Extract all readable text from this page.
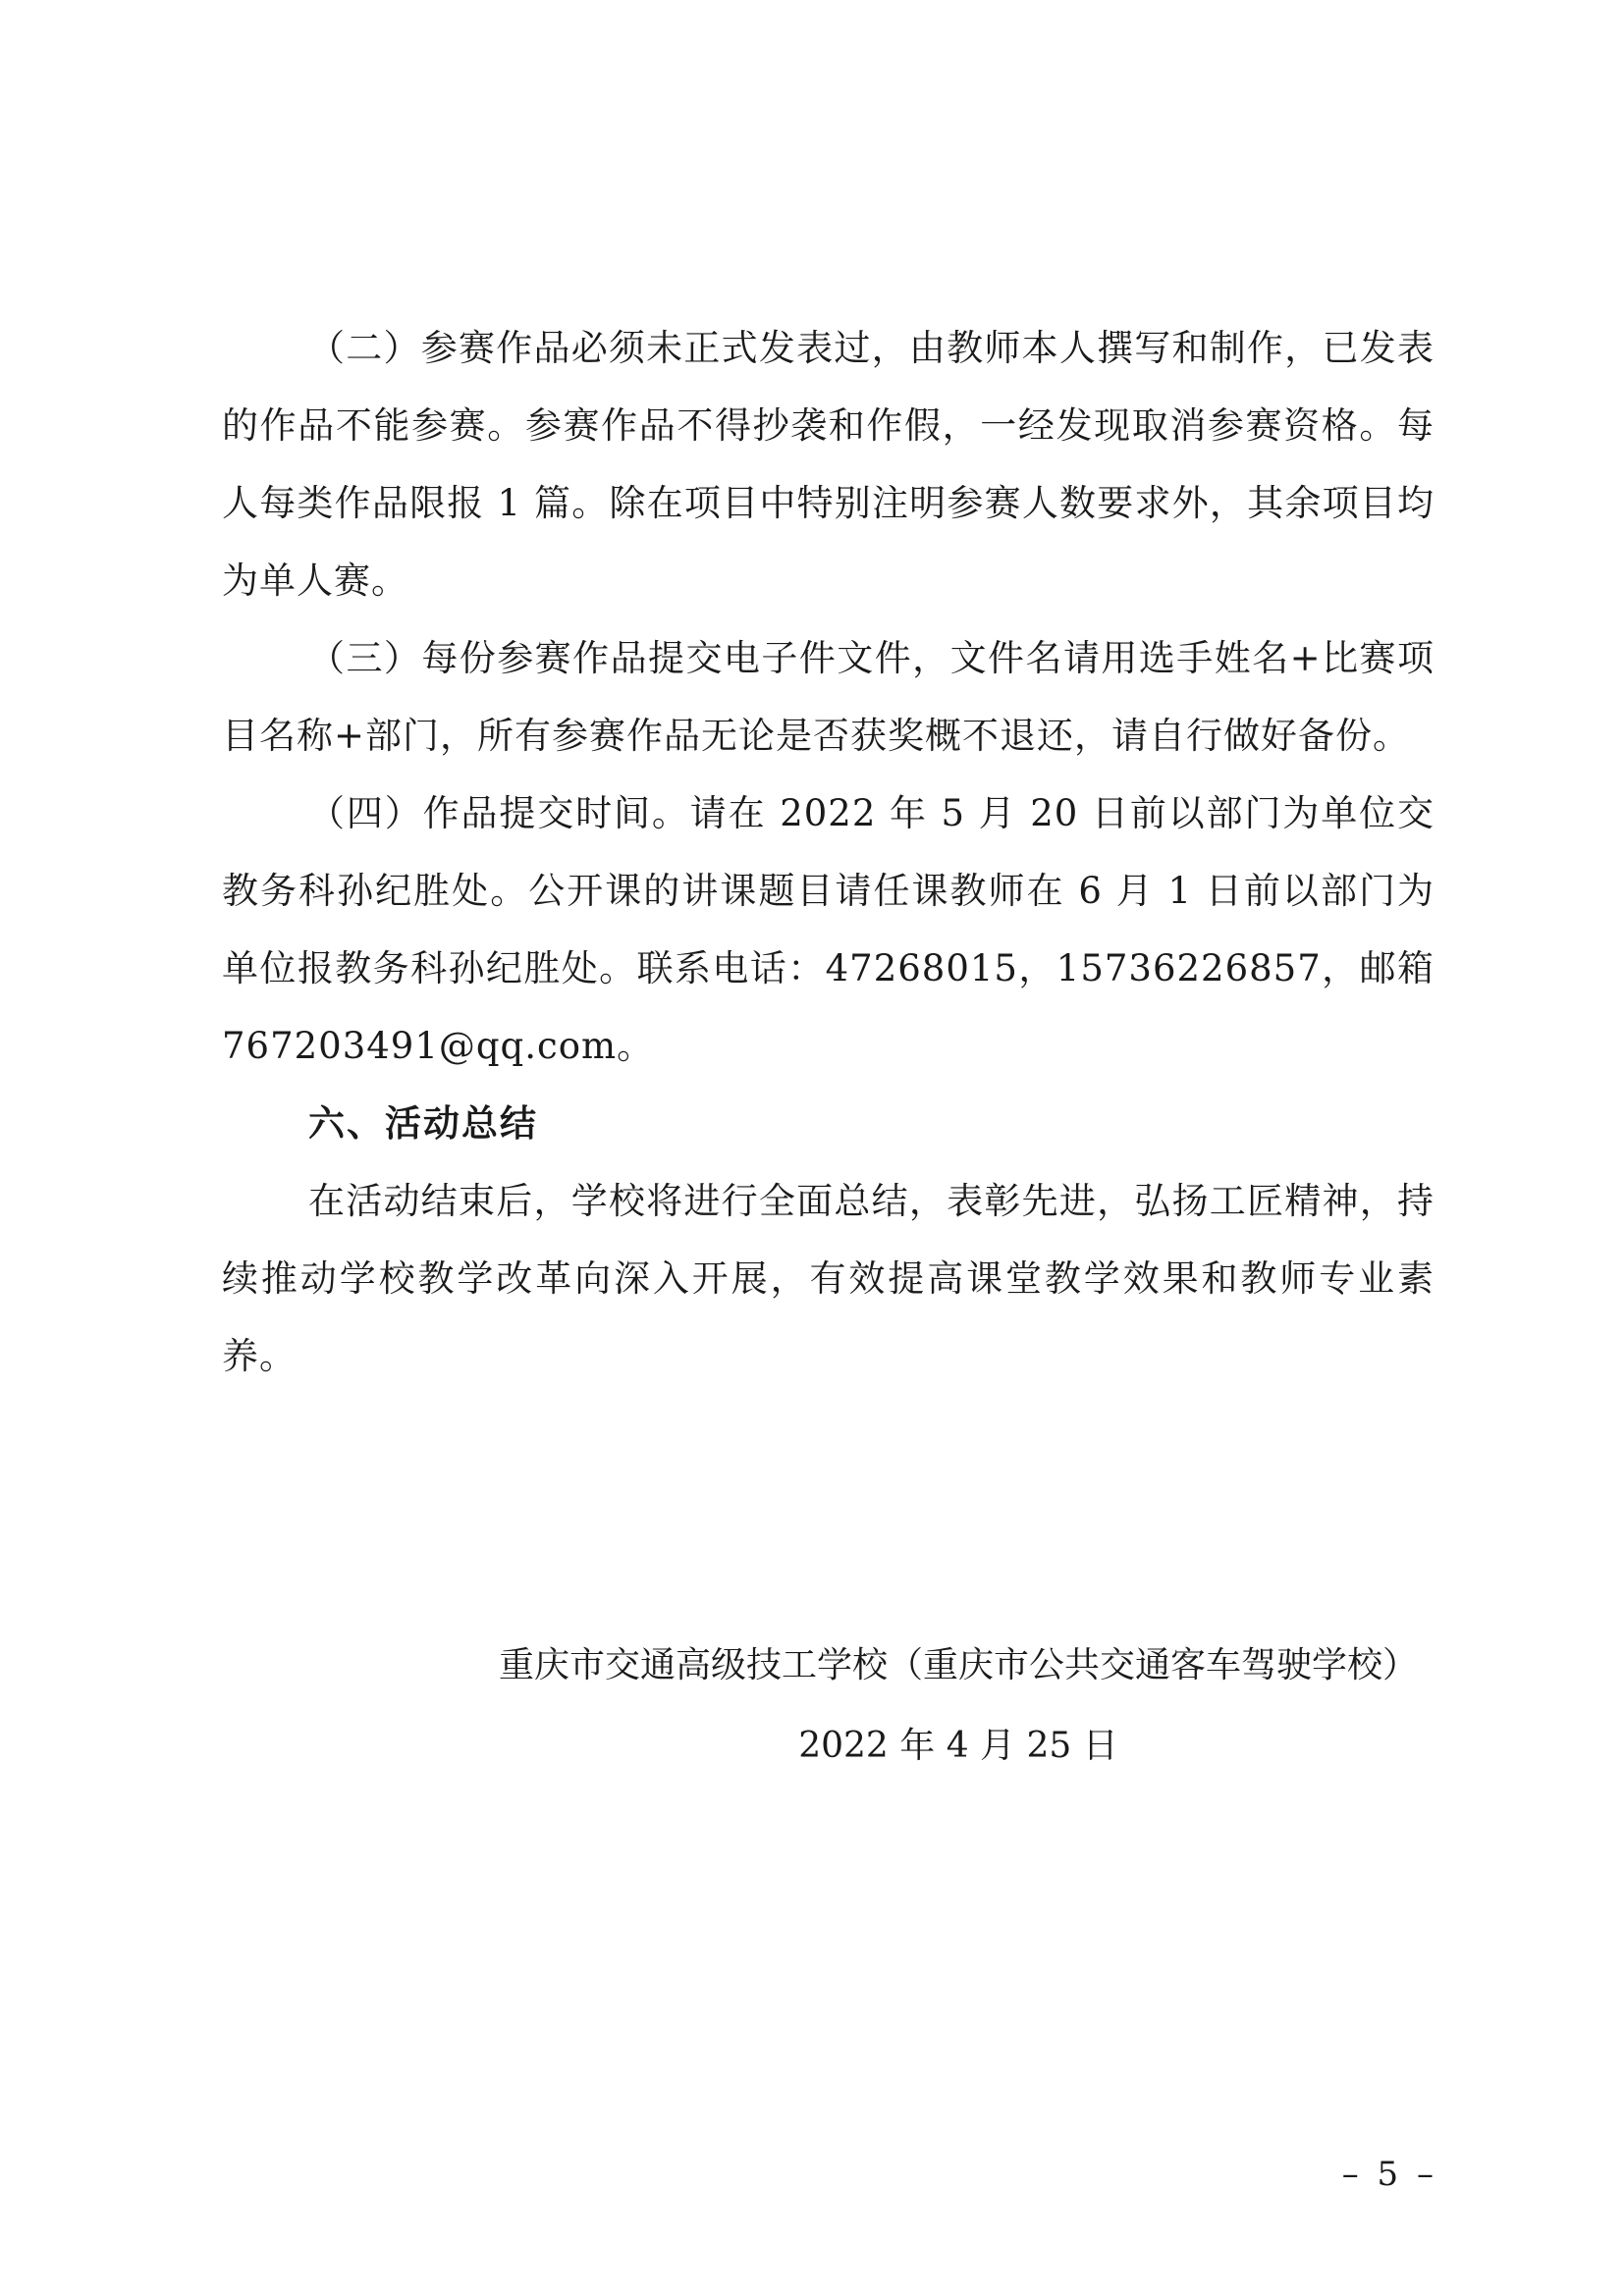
（二）参赛作品必须未正式发表过，由教师本人撰写和制作，已发表的作品不能参赛。参赛作品不得抄袭和作假，一经发现取消参赛资格。每人每类作品限报 1 篇。除在项目中特别注明参赛人数要求外，其余项目均为单人赛。

（三）每份参赛作品提交电子件文件，文件名请用选手姓名+比赛项目名称+部门，所有参赛作品无论是否获奖概不退还，请自行做好备份。

（四）作品提交时间。请在 2022 年 5 月 20 日前以部门为单位交教务科孙纪胜处。公开课的讲课题目请任课教师在 6 月 1 日前以部门为单位报教务科孙纪胜处。联系电话：47268015，15736226857，邮箱 767203491@qq.com。

六、活动总结

在活动结束后，学校将进行全面总结，表彰先进，弘扬工匠精神，持续推动学校教学改革向深入开展，有效提高课堂教学效果和教师专业素养。

重庆市交通高级技工学校（重庆市公共交通客车驾驶学校）
2022 年 4 月 25 日
– 5 –
